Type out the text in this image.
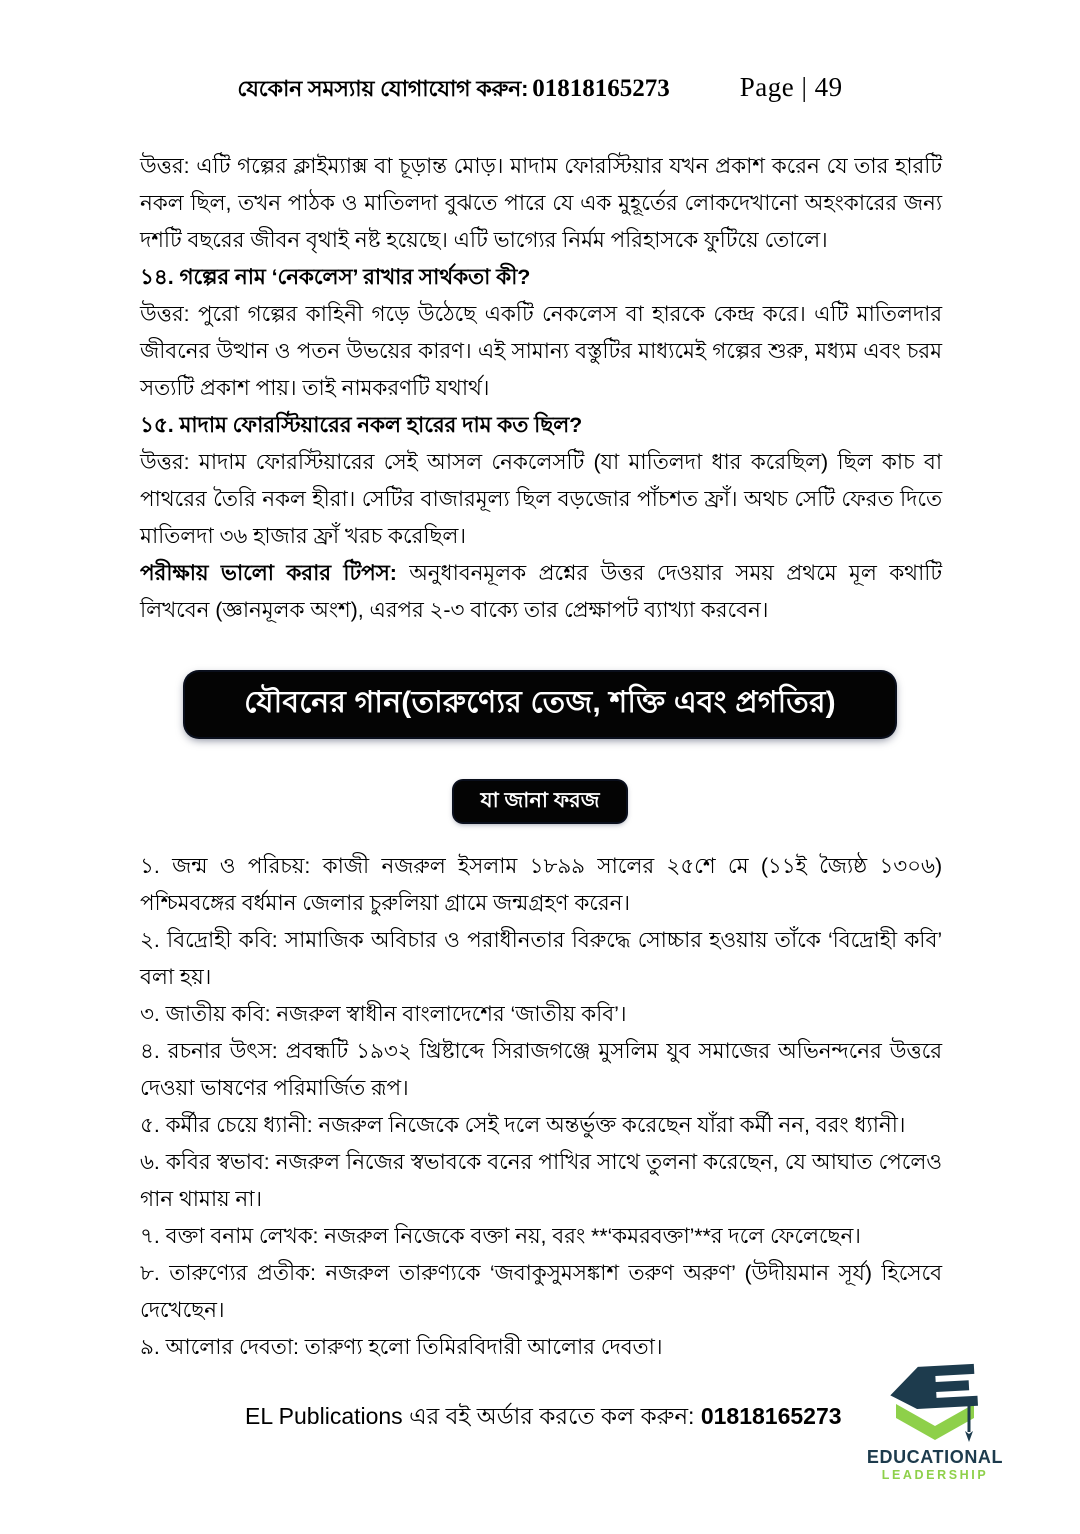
যেকোন সমস্যায় যোগাযোগ করুন: 01818165273	Page | 49

উত্তর: এটি গল্পের ক্লাইম্যাক্স বা চূড়ান্ত মোড়। মাদাম ফোরস্টিয়ার যখন প্রকাশ করেন যে তার হারটি নকল ছিল, তখন পাঠক ও মাতিলদা বুঝতে পারে যে এক মুহূর্তের লোকদেখানো অহংকারের জন্য দশটি বছরের জীবন বৃথাই নষ্ট হয়েছে। এটি ভাগ্যের নির্মম পরিহাসকে ফুটিয়ে তোলে।

১৪. গল্পের নাম ‘নেকলেস’ রাখার সার্থকতা কী?

উত্তর: পুরো গল্পের কাহিনী গড়ে উঠেছে একটি নেকলেস বা হারকে কেন্দ্র করে। এটি মাতিলদার জীবনের উত্থান ও পতন উভয়ের কারণ। এই সামান্য বস্তুটির মাধ্যমেই গল্পের শুরু, মধ্যম এবং চরম সত্যটি প্রকাশ পায়। তাই নামকরণটি যথার্থ।

১৫. মাদাম ফোরস্টিয়ারের নকল হারের দাম কত ছিল?

উত্তর: মাদাম ফোরস্টিয়ারের সেই আসল নেকলেসটি (যা মাতিলদা ধার করেছিল) ছিল কাচ বা পাথরের তৈরি নকল হীরা। সেটির বাজারমূল্য ছিল বড়জোর পাঁচশত ফ্রাঁ। অথচ সেটি ফেরত দিতে মাতিলদা ৩৬ হাজার ফ্রাঁ খরচ করেছিল।

পরীক্ষায় ভালো করার টিপস: অনুধাবনমূলক প্রশ্নের উত্তর দেওয়ার সময় প্রথমে মূল কথাটি লিখবেন (জ্ঞানমূলক অংশ), এরপর ২-৩ বাক্যে তার প্রেক্ষাপট ব্যাখ্যা করবেন।

যৌবনের গান(তারুণ্যের তেজ, শক্তি এবং প্রগতির)
যা জানা ফরজ

১. জন্ম ও পরিচয়: কাজী নজরুল ইসলাম ১৮৯৯ সালের ২৫শে মে (১১ই জ্যৈষ্ঠ ১৩০৬) পশ্চিমবঙ্গের বর্ধমান জেলার চুরুলিয়া গ্রামে জন্মগ্রহণ করেন।

২. বিদ্রোহী কবি: সামাজিক অবিচার ও পরাধীনতার বিরুদ্ধে সোচ্চার হওয়ায় তাঁকে ‘বিদ্রোহী কবি’ বলা হয়।

৩. জাতীয় কবি: নজরুল স্বাধীন বাংলাদেশের ‘জাতীয় কবি’।

৪. রচনার উৎস: প্রবন্ধটি ১৯৩২ খ্রিষ্টাব্দে সিরাজগঞ্জে মুসলিম যুব সমাজের অভিনন্দনের উত্তরে দেওয়া ভাষণের পরিমার্জিত রূপ।

৫. কর্মীর চেয়ে ধ্যানী: নজরুল নিজেকে সেই দলে অন্তর্ভুক্ত করেছেন যাঁরা কর্মী নন, বরং ধ্যানী।

৬. কবির স্বভাব: নজরুল নিজের স্বভাবকে বনের পাখির সাথে তুলনা করেছেন, যে আঘাত পেলেও গান থামায় না।

৭. বক্তা বনাম লেখক: নজরুল নিজেকে বক্তা নয়, বরং **‘কমরবক্তা’**র দলে ফেলেছেন।

৮. তারুণ্যের প্রতীক: নজরুল তারুণ্যকে ‘জবাকুসুমসঙ্কাশ তরুণ অরুণ’ (উদীয়মান সূর্য) হিসেবে দেখেছেন।

৯. আলোর দেবতা: তারুণ্য হলো তিমিরবিদারী আলোর দেবতা।

EL Publications এর বই অর্ডার করতে কল করুন: 01818165273
EDUCATIONAL
LEADERSHIP
